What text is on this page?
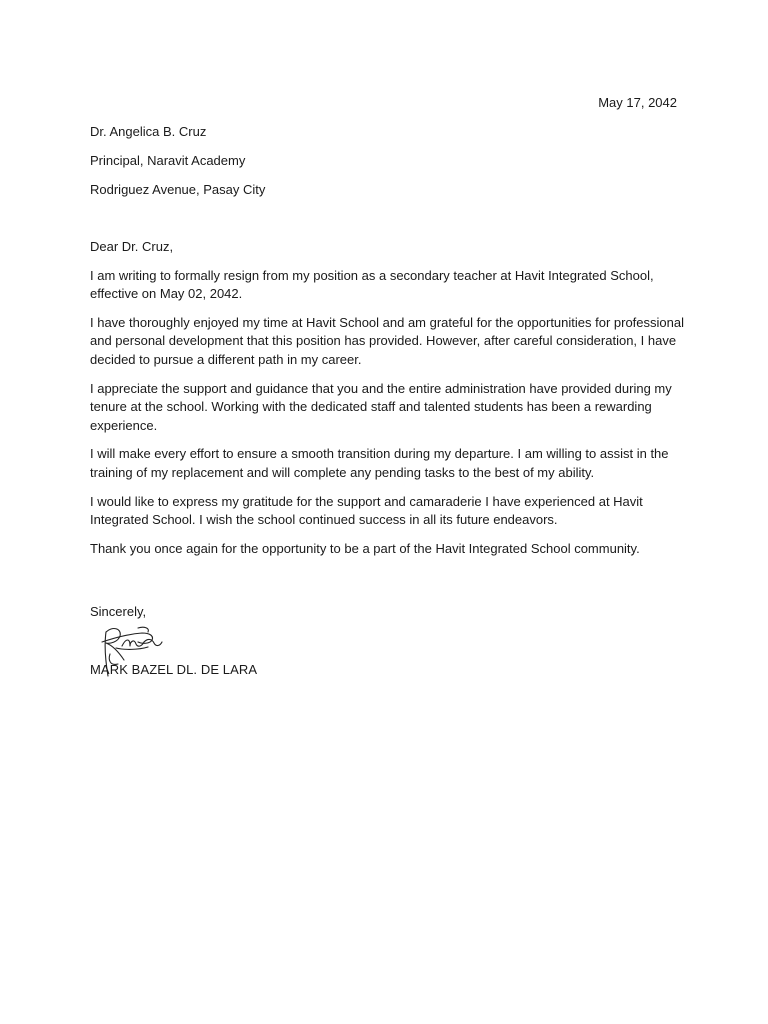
May 17, 2042
Dr. Angelica B. Cruz
Principal, Naravit Academy
Rodriguez Avenue, Pasay City

Dear Dr. Cruz,

I am writing to formally resign from my position as a secondary teacher at Havit Integrated School, effective on May 02, 2042.

I have thoroughly enjoyed my time at Havit School and am grateful for the opportunities for professional and personal development that this position has provided. However, after careful consideration, I have decided to pursue a different path in my career.

I appreciate the support and guidance that you and the entire administration have provided during my tenure at the school. Working with the dedicated staff and talented students has been a rewarding experience.

I will make every effort to ensure a smooth transition during my departure. I am willing to assist in the training of my replacement and will complete any pending tasks to the best of my ability.

I would like to express my gratitude for the support and camaraderie I have experienced at Havit Integrated School. I wish the school continued success in all its future endeavors.

Thank you once again for the opportunity to be a part of the Havit Integrated School community.

Sincerely,
MARK BAZEL DL. DE LARA
